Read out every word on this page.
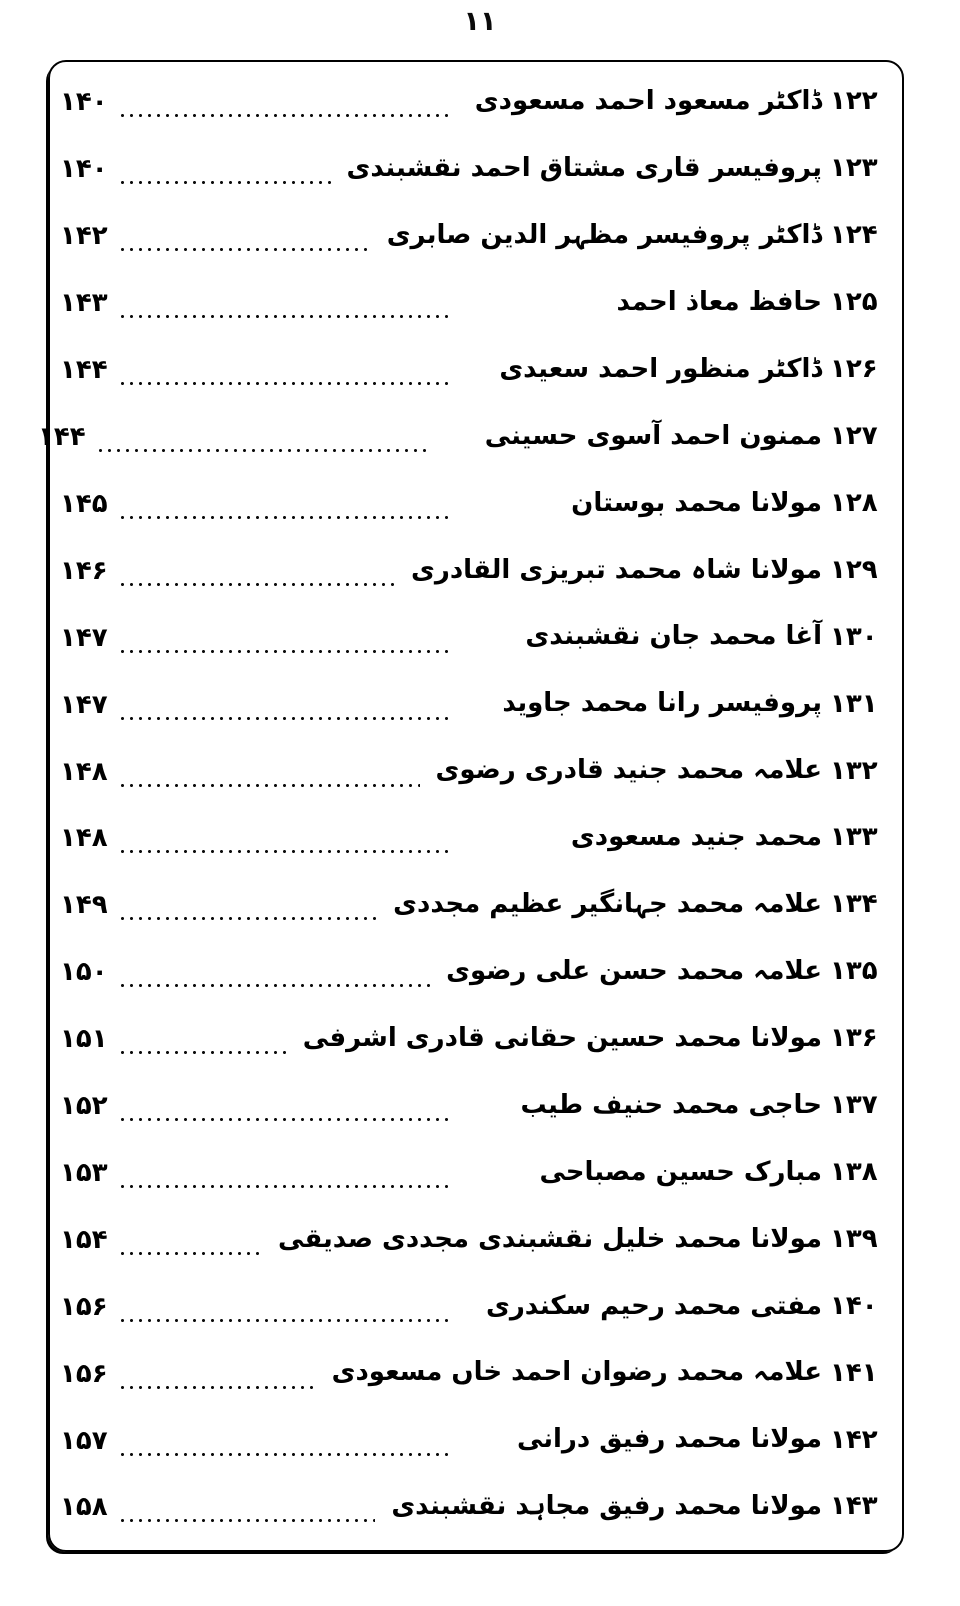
۱۱
۱۲۲
ڈاکٹر مسعود احمد مسعودی
۱۴۰
۱۲۳
پروفیسر قاری مشتاق احمد نقشبندی
۱۴۰
۱۲۴
ڈاکٹر پروفیسر مظہر الدین صابری
۱۴۲
۱۲۵
حافظ معاذ احمد
۱۴۳
۱۲۶
ڈاکٹر منظور احمد سعیدی
۱۴۴
۱۲۷
ممنون احمد آسوی حسینی
۱۴۴
۱۲۸
مولانا محمد بوستان
۱۴۵
۱۲۹
مولانا شاہ محمد تبریزی القادری
۱۴۶
۱۳۰
آغا محمد جان نقشبندی
۱۴۷
۱۳۱
پروفیسر رانا محمد جاوید
۱۴۷
۱۳۲
علامہ محمد جنید قادری رضوی
۱۴۸
۱۳۳
محمد جنید مسعودی
۱۴۸
۱۳۴
علامہ محمد جہانگیر عظیم مجددی
۱۴۹
۱۳۵
علامہ محمد حسن علی رضوی
۱۵۰
۱۳۶
مولانا محمد حسین حقانی قادری اشرفی
۱۵۱
۱۳۷
حاجی محمد حنیف طیب
۱۵۲
۱۳۸
مبارک حسین مصباحی
۱۵۳
۱۳۹
مولانا محمد خلیل نقشبندی مجددی صدیقی
۱۵۴
۱۴۰
مفتی محمد رحیم سکندری
۱۵۶
۱۴۱
علامہ محمد رضوان احمد خاں مسعودی
۱۵۶
۱۴۲
مولانا محمد رفیق درانی
۱۵۷
۱۴۳
مولانا محمد رفیق مجاہد نقشبندی
۱۵۸
